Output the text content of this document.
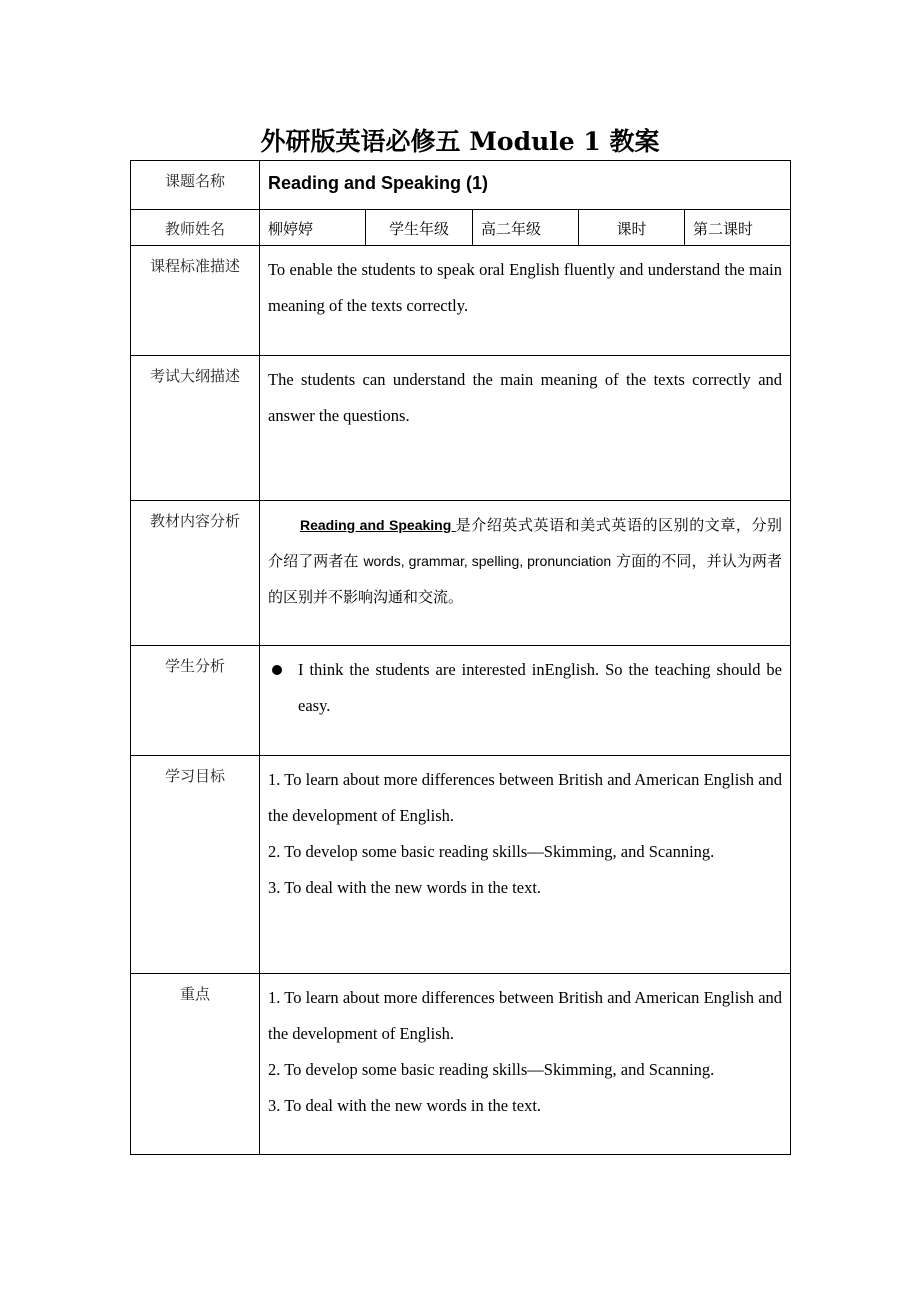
外研版英语必修五 Module 1 教案
课题名称	Reading and Speaking (1)				
教师姓名	柳婷婷	学生年级	高二年级	课时	第二课时
课程标准描述	To enable the students to speak oral English fluently and understand the main meaning of the texts correctly.				
考试大纲描述	The students can understand the main meaning of the texts correctly and answer the questions.				
教材内容分析	Reading and Speaking 是介绍英式英语和美式英语的区别的文章，分别介绍了两者在 words, grammar, spelling, pronunciation 方面的不同，并认为两者的区别并不影响沟通和交流。				
学生分析	I think the students are interested inEnglish. So the teaching should be easy.				

学习目标	1. To learn about more differences between British and American English and the development of English.
2. To develop some basic reading skills—Skimming, and Scanning.
3. To deal with the new words in the text.				

重点	1. To learn about more differences between British and American English and the development of English.
2. To develop some basic reading skills—Skimming, and Scanning.
3. To deal with the new words in the text.				
